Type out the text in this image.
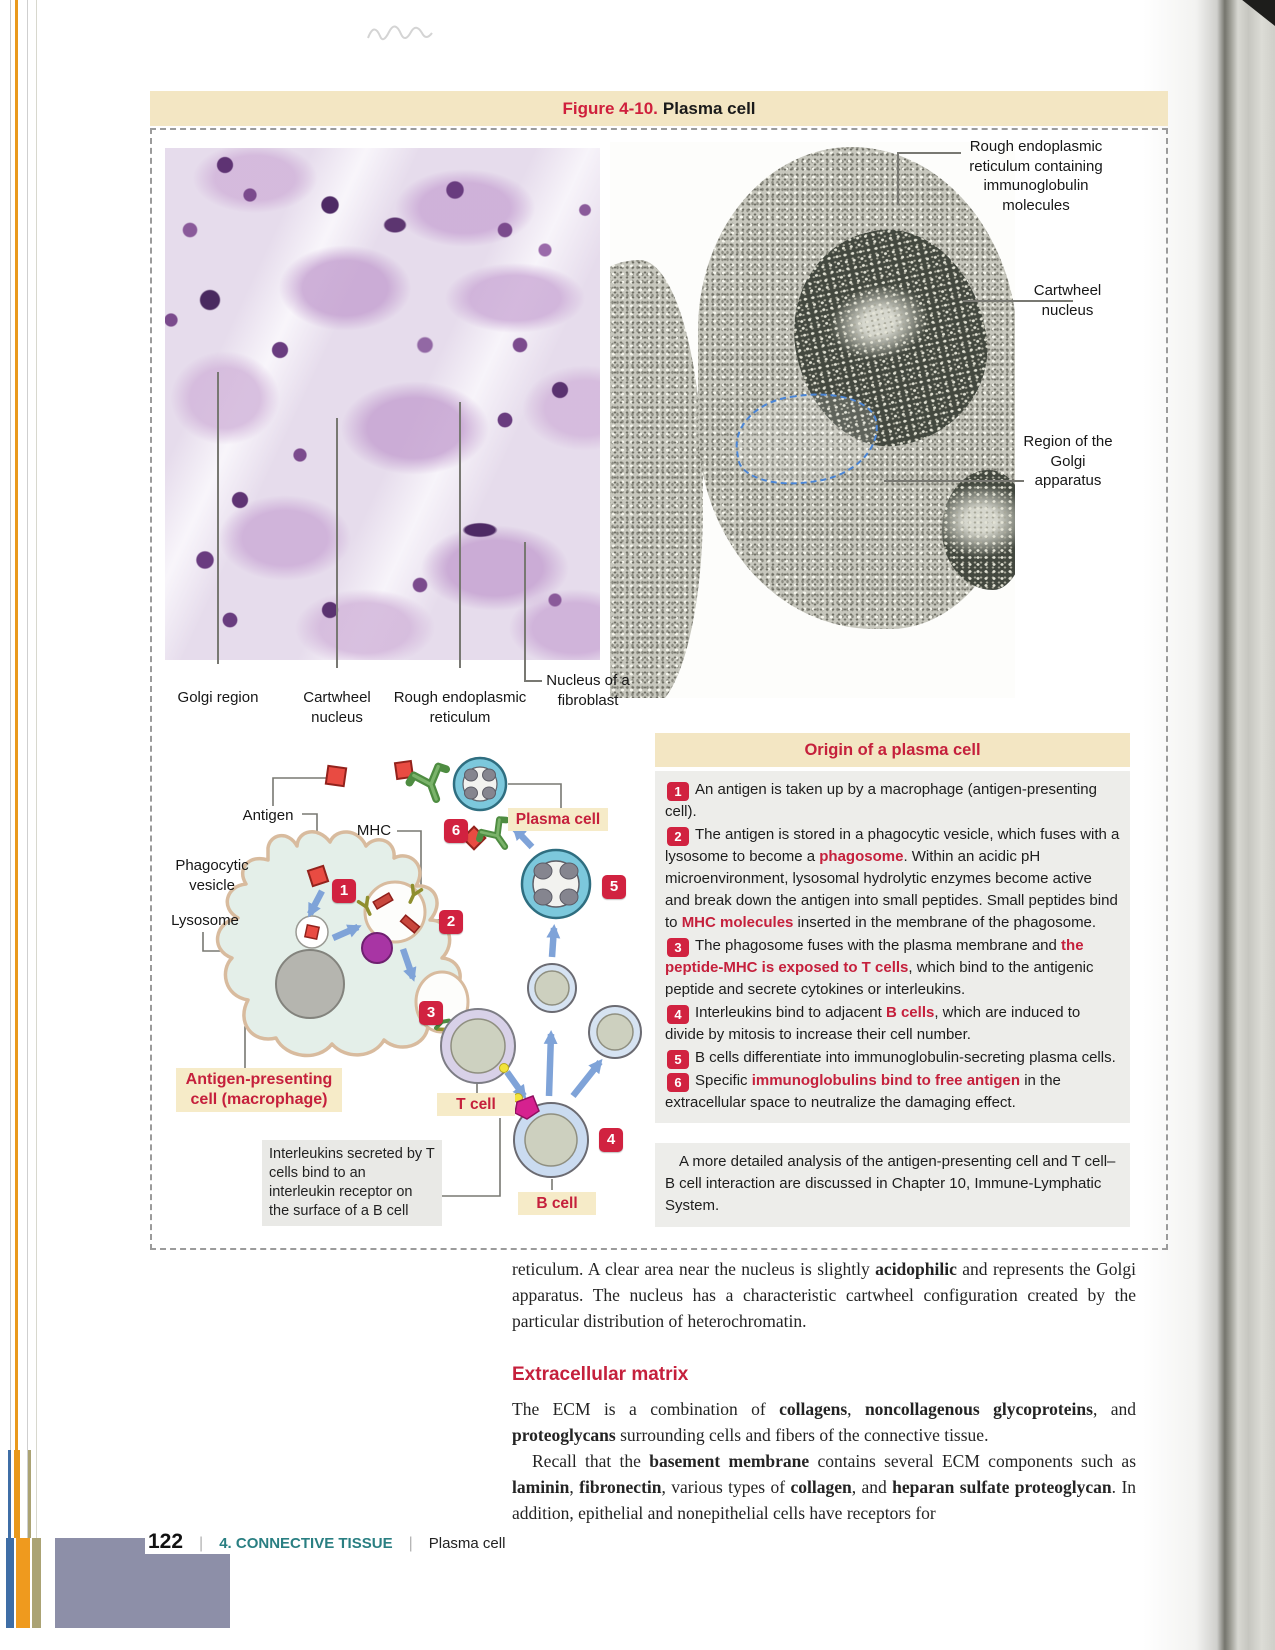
Figure 4-10. Plasma cell
Rough endoplasmic reticulum containing immunoglobulin molecules
Cartwheel nucleus
Region of the Golgi apparatus
Golgi region	Cartwheel nucleus
Rough endoplasmic reticulum
Nucleus of a fibroblast
1
2
3
4
5
6
Antigen
MHC
Phagocytic vesicle
Lysosome
Antigen-presenting cell (macrophage)	T cell
B cell
Plasma cell
Interleukins secreted by T cells bind to an interleukin receptor on the surface of a B cell
Origin of a plasma cell
1 An antigen is taken up by a macrophage (antigen-presenting cell).
2 The antigen is stored in a phagocytic vesicle, which fuses with a lysosome to become a phagosome. Within an acidic pH microenvironment, lysosomal hydrolytic enzymes become active and break down the antigen into small peptides. Small peptides bind to MHC molecules inserted in the membrane of the phagosome.
3 The phagosome fuses with the plasma membrane and the peptide-MHC is exposed to T cells, which bind to the antigenic peptide and secrete cytokines or interleukins.
4 Interleukins bind to adjacent B cells, which are induced to divide by mitosis to increase their cell number.
5 B cells differentiate into immunoglobulin-secreting plasma cells.
6 Specific immunoglobulins bind to free antigen in the extracellular space to neutralize the damaging effect.
A more detailed analysis of the antigen-presenting cell and T cell–B cell interaction are discussed in Chapter 10, Immune-Lymphatic System.

reticulum. A clear area near the nucleus is slightly acidophilic and represents the Golgi apparatus. The nucleus has a characteristic cartwheel configuration created by the particular distribution of heterochromatin.

Extracellular matrix

The ECM is a combination of collagens, noncollagenous glycoproteins, and proteoglycans surrounding cells and fibers of the connective tissue.

Recall that the basement membrane contains several ECM components such as laminin, fibronectin, various types of collagen, and heparan sulfate proteoglycan. In addition, epithelial and nonepithelial cells have receptors for

122 | 4. CONNECTIVE TISSUE | Plasma cell
